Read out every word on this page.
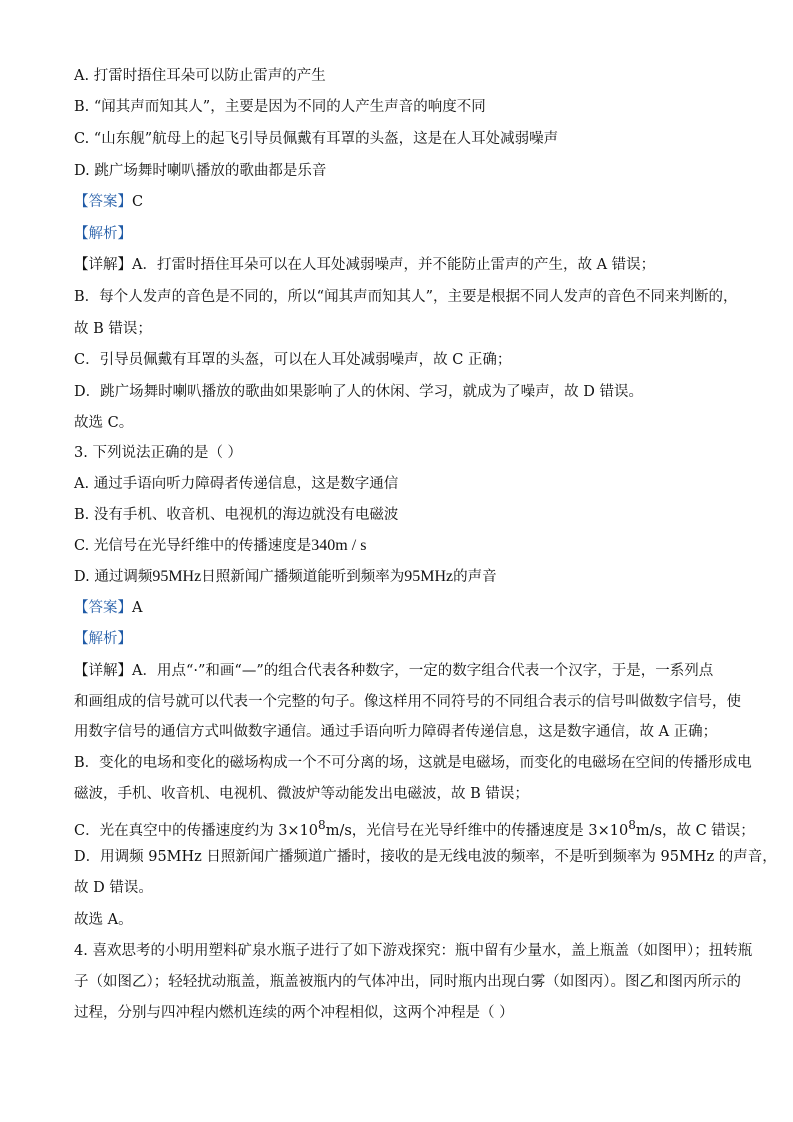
A. 打雷时捂住耳朵可以防止雷声的产生
B. “闻其声而知其人”，主要是因为不同的人产生声音的响度不同
C. “山东舰”航母上的起飞引导员佩戴有耳罩的头盔，这是在人耳处减弱噪声
D. 跳广场舞时喇叭播放的歌曲都是乐音
【答案】C
【解析】
【详解】A．打雷时捂住耳朵可以在人耳处减弱噪声，并不能防止雷声的产生，故 A 错误；
B．每个人发声的音色是不同的，所以“闻其声而知其人”，主要是根据不同人发声的音色不同来判断的，
故 B 错误；
C．引导员佩戴有耳罩的头盔，可以在人耳处减弱噪声，故 C 正确；
D．跳广场舞时喇叭播放的歌曲如果影响了人的休闲、学习，就成为了噪声，故 D 错误。
故选 C。
3. 下列说法正确的是（ ）
A. 通过手语向听力障碍者传递信息，这是数字通信
B. 没有手机、收音机、电视机的海边就没有电磁波
C. 光信号在光导纤维中的传播速度是340m / s
D. 通过调频95MHz日照新闻广播频道能听到频率为95MHz的声音
【答案】A
【解析】
【详解】A．用点“·”和画“—”的组合代表各种数字，一定的数字组合代表一个汉字，于是，一系列点
和画组成的信号就可以代表一个完整的句子。像这样用不同符号的不同组合表示的信号叫做数字信号，使
用数字信号的通信方式叫做数字通信。通过手语向听力障碍者传递信息，这是数字通信，故 A 正确；
B．变化的电场和变化的磁场构成一个不可分离的场，这就是电磁场，而变化的电磁场在空间的传播形成电
磁波，手机、收音机、电视机、微波炉等动能发出电磁波，故 B 错误；
C．光在真空中的传播速度约为 $3\times 10^8m/s$，光信号在光导纤维中的传播速度是 $3\times 10^8m/s$，故 C 错误；
D．用调频 95MHz 日照新闻广播频道广播时，接收的是无线电波的频率，不是听到频率为 95MHz 的声音，
故 D 错误。
故选 A。
4. 喜欢思考的小明用塑料矿泉水瓶子进行了如下游戏探究：瓶中留有少量水，盖上瓶盖（如图甲）；扭转瓶
子（如图乙）；轻轻扰动瓶盖，瓶盖被瓶内的气体冲出，同时瓶内出现白雾（如图丙）。图乙和图丙所示的
过程，分别与四冲程内燃机连续的两个冲程相似，这两个冲程是（ ）
